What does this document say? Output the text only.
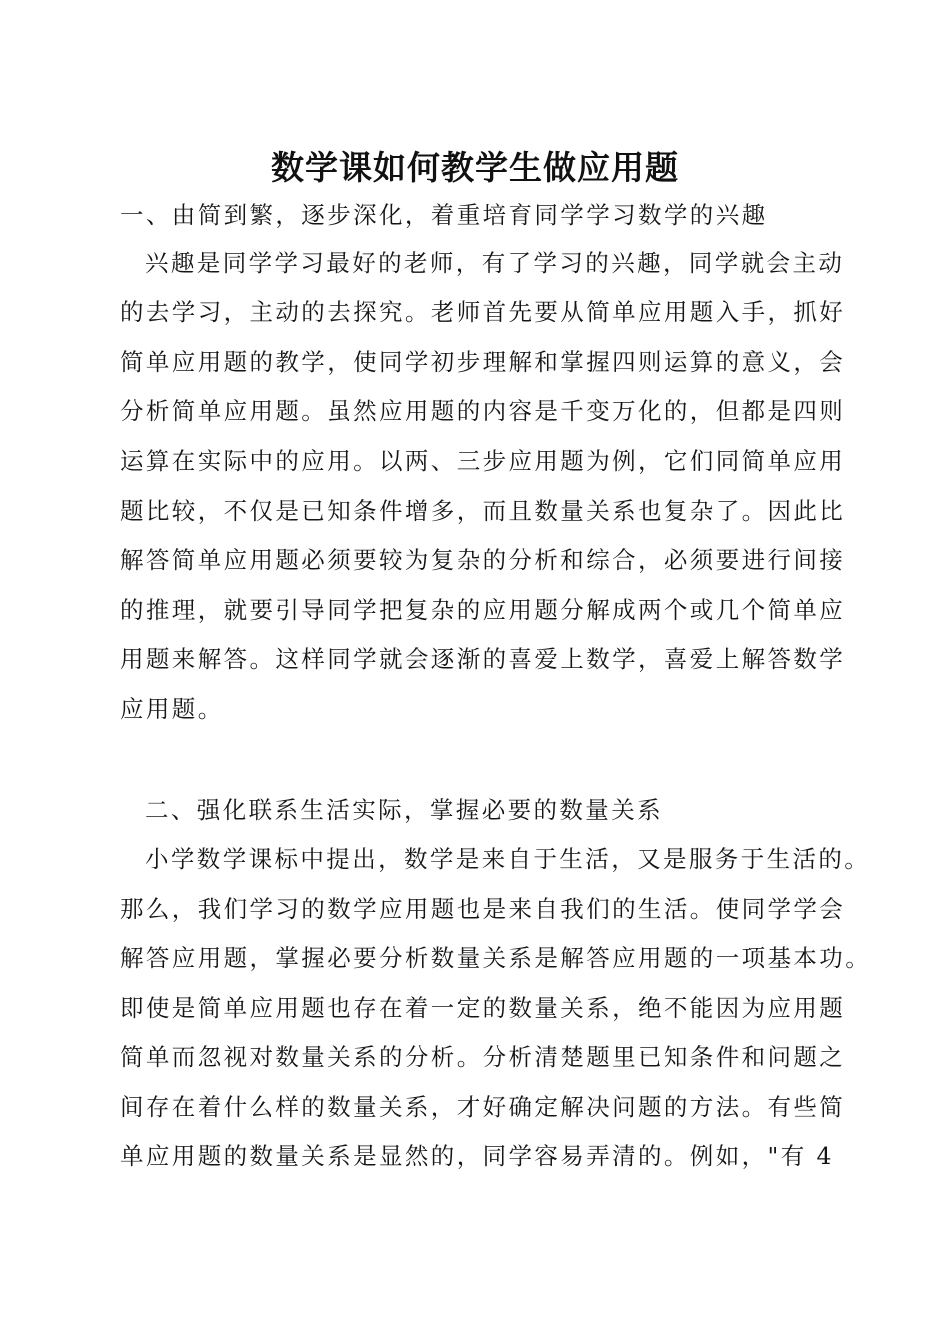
数学课如何教学生做应用题
一、由简到繁，逐步深化，着重培育同学学习数学的兴趣
兴趣是同学学习最好的老师，有了学习的兴趣，同学就会主动
的去学习，主动的去探究。老师首先要从简单应用题入手，抓好
简单应用题的教学，使同学初步理解和掌握四则运算的意义，会
分析简单应用题。虽然应用题的内容是千变万化的，但都是四则
运算在实际中的应用。以两、三步应用题为例，它们同简单应用
题比较，不仅是已知条件增多，而且数量关系也复杂了。因此比
解答简单应用题必须要较为复杂的分析和综合，必须要进行间接
的推理，就要引导同学把复杂的应用题分解成两个或几个简单应
用题来解答。这样同学就会逐渐的喜爱上数学，喜爱上解答数学
应用题。
二、强化联系生活实际，掌握必要的数量关系
小学数学课标中提出，数学是来自于生活，又是服务于生活的。
那么，我们学习的数学应用题也是来自我们的生活。使同学学会
解答应用题，掌握必要分析数量关系是解答应用题的一项基本功。
即使是简单应用题也存在着一定的数量关系，绝不能因为应用题
简单而忽视对数量关系的分析。分析清楚题里已知条件和问题之
间存在着什么样的数量关系，才好确定解决问题的方法。有些简
单应用题的数量关系是显然的，同学容易弄清的。例如，"有 4
